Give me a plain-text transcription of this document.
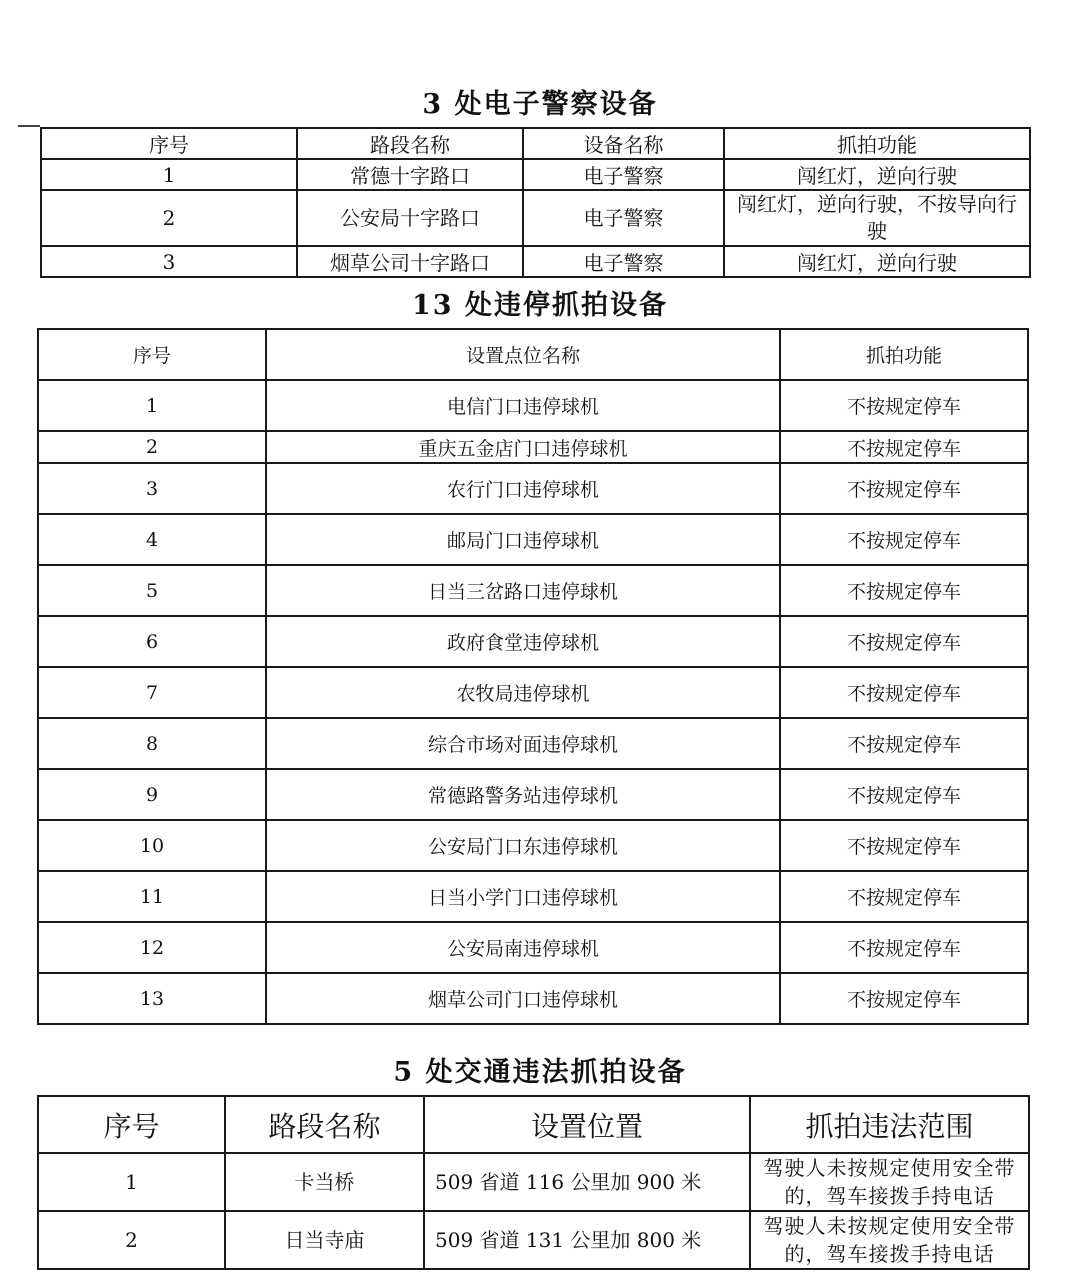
3 处电子警察设备
序号	路段名称	设备名称	抓拍功能
1	常德十字路口	电子警察	闯红灯，逆向行驶
2	公安局十字路口	电子警察	闯红灯，逆向行驶，不按导向行驶
3	烟草公司十字路口	电子警察	闯红灯，逆向行驶
13 处违停抓拍设备
序号	设置点位名称	抓拍功能
1	电信门口违停球机	不按规定停车
2	重庆五金店门口违停球机	不按规定停车
3	农行门口违停球机	不按规定停车
4	邮局门口违停球机	不按规定停车
5	日当三岔路口违停球机	不按规定停车
6	政府食堂违停球机	不按规定停车
7	农牧局违停球机	不按规定停车
8	综合市场对面违停球机	不按规定停车
9	常德路警务站违停球机	不按规定停车
10	公安局门口东违停球机	不按规定停车
11	日当小学门口违停球机	不按规定停车
12	公安局南违停球机	不按规定停车
13	烟草公司门口违停球机	不按规定停车
5 处交通违法抓拍设备
序号	路段名称	设置位置	抓拍违法范围
1	卡当桥	509 省道 116 公里加 900 米	驾驶人未按规定使用安全带的，驾车接拨手持电话
2	日当寺庙	509 省道 131 公里加 800 米	驾驶人未按规定使用安全带的，驾车接拨手持电话
